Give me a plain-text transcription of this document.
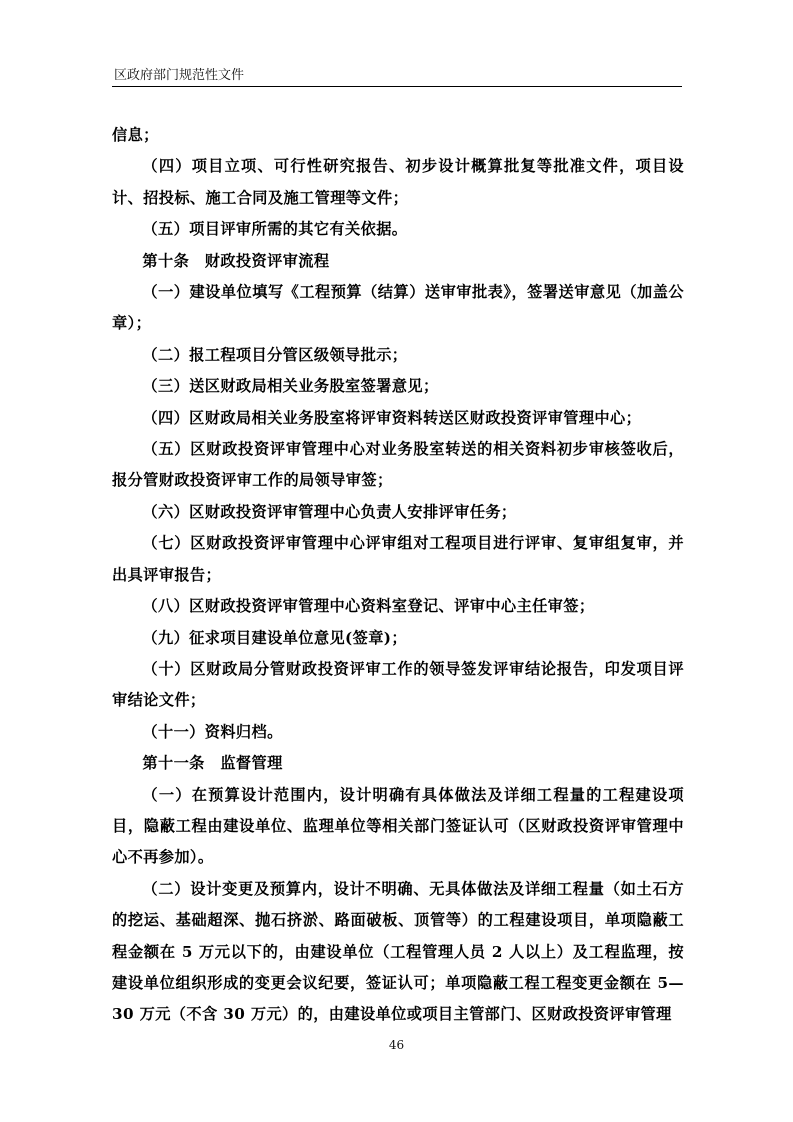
区政府部门规范性文件

信息；

（四）项目立项、可行性研究报告、初步设计概算批复等批准文件，项目设计、招投标、施工合同及施工管理等文件；

（五）项目评审所需的其它有关依据。

第十条　财政投资评审流程

（一）建设单位填写《工程预算（结算）送审审批表》，签署送审意见（加盖公章）；

（二）报工程项目分管区级领导批示；

（三）送区财政局相关业务股室签署意见；

（四）区财政局相关业务股室将评审资料转送区财政投资评审管理中心；

（五）区财政投资评审管理中心对业务股室转送的相关资料初步审核签收后，报分管财政投资评审工作的局领导审签；

（六）区财政投资评审管理中心负责人安排评审任务；

（七）区财政投资评审管理中心评审组对工程项目进行评审、复审组复审，并出具评审报告；

（八）区财政投资评审管理中心资料室登记、评审中心主任审签；

（九）征求项目建设单位意见(签章)；

（十）区财政局分管财政投资评审工作的领导签发评审结论报告，印发项目评审结论文件；

（十一）资料归档。

第十一条　监督管理

（一）在预算设计范围内，设计明确有具体做法及详细工程量的工程建设项目，隐蔽工程由建设单位、监理单位等相关部门签证认可（区财政投资评审管理中心不再参加）。

（二）设计变更及预算内，设计不明确、无具体做法及详细工程量（如土石方的挖运、基础超深、抛石挤淤、路面破板、顶管等）的工程建设项目，单项隐蔽工程金额在 5 万元以下的，由建设单位（工程管理人员 2 人以上）及工程监理，按建设单位组织形成的变更会议纪要，签证认可；单项隐蔽工程工程变更金额在 5—30 万元（不含 30 万元）的，由建设单位或项目主管部门、区财政投资评审管理

46
